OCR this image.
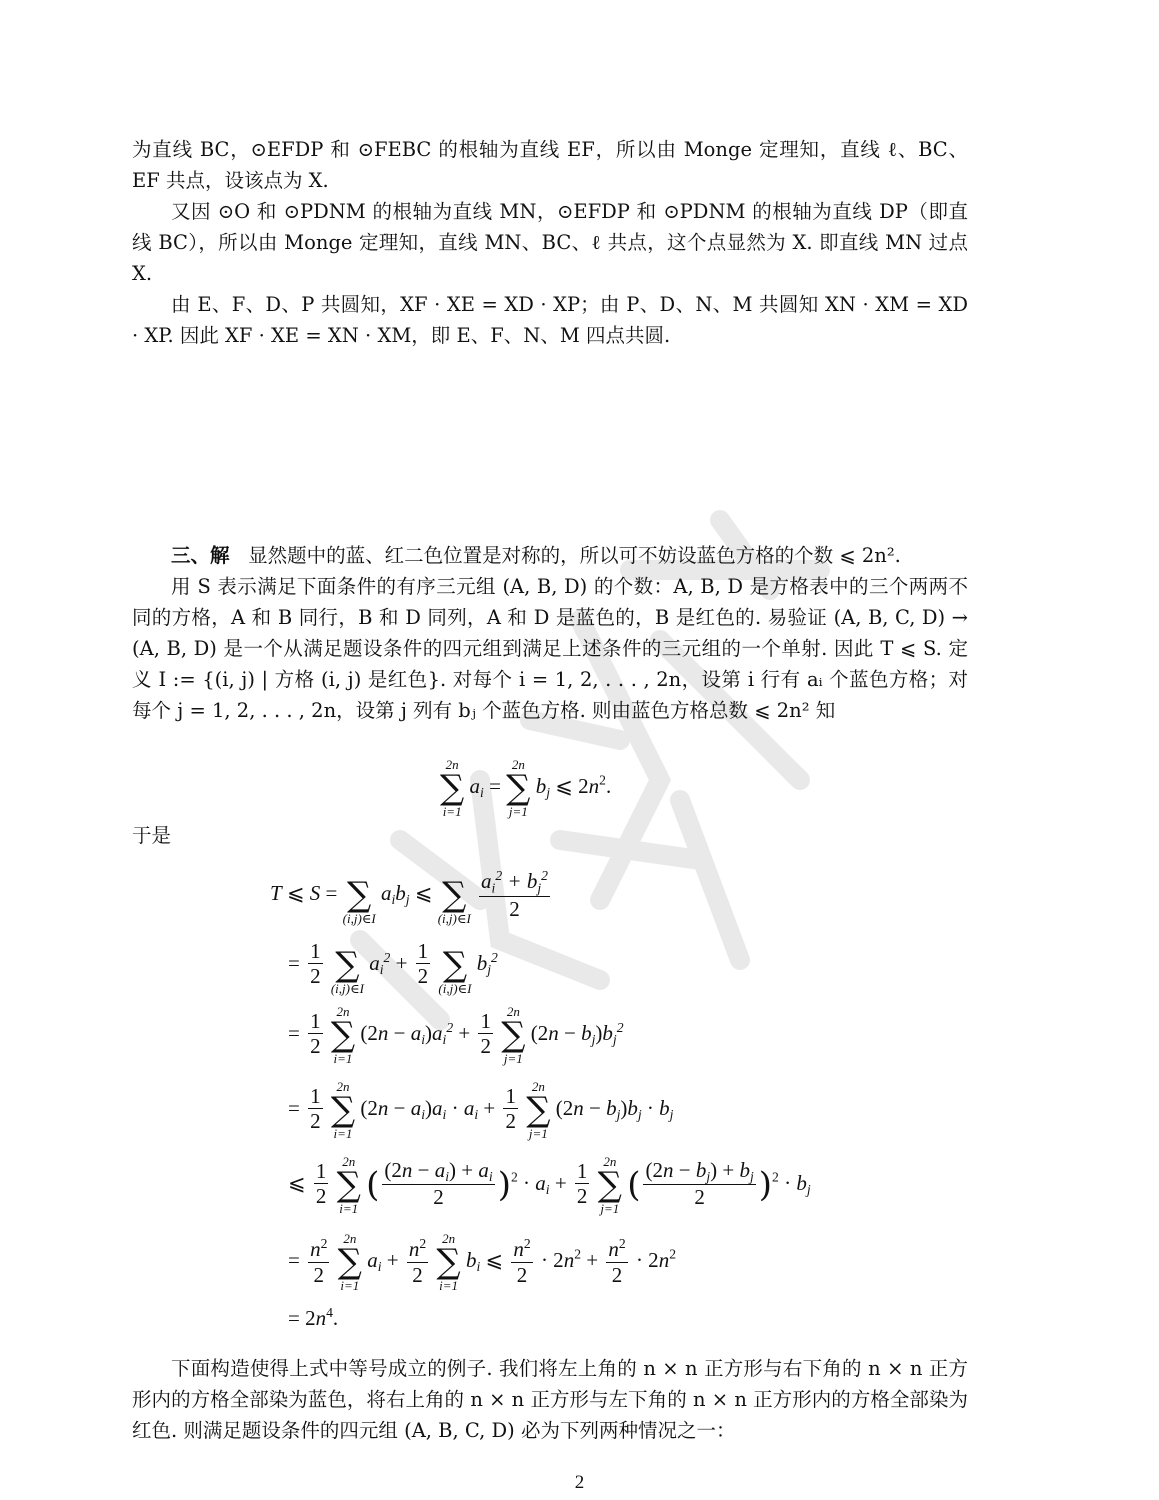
为直线 BC，⊙EFDP 和 ⊙FEBC 的根轴为直线 EF，所以由 Monge 定理知，直线 ℓ、BC、EF 共点，设该点为 X.

又因 ⊙O 和 ⊙PDNM 的根轴为直线 MN，⊙EFDP 和 ⊙PDNM 的根轴为直线 DP（即直线 BC），所以由 Monge 定理知，直线 MN、BC、ℓ 共点，这个点显然为 X. 即直线 MN 过点 X.

由 E、F、D、P 共圆知，XF · XE = XD · XP；由 P、D、N、M 共圆知 XN · XM = XD · XP. 因此 XF · XE = XN · XM，即 E、F、N、M 四点共圆.

三、解 显然题中的蓝、红二色位置是对称的，所以可不妨设蓝色方格的个数 ⩽ 2n².

用 S 表示满足下面条件的有序三元组 (A, B, D) 的个数：A, B, D 是方格表中的三个两两不同的方格，A 和 B 同行，B 和 D 同列，A 和 D 是蓝色的，B 是红色的. 易验证 (A, B, C, D) → (A, B, D) 是一个从满足题设条件的四元组到满足上述条件的三元组的一个单射. 因此 T ⩽ S. 定义 I := {(i, j) | 方格 (i, j) 是红色}. 对每个 i = 1, 2, . . . , 2n，设第 i 行有 aᵢ 个蓝色方格；对每个 j = 1, 2, . . . , 2n，设第 j 列有 bⱼ 个蓝色方格. 则由蓝色方格总数 ⩽ 2n² 知

2n
∑
i=1
$a_i$ =
2n
∑
j=1
$b_j$ ⩽ $2n^2$.

于是

T ⩽ S =

∑
(i,j)∈I
$a_ib_j$ ⩽

∑
(i,j)∈I
$\frac{a_i^2 + b_j^2}{2}$
= $\frac{1}{2}$

∑
(i,j)∈I
$a_i^2 + \frac{1}{2}$

∑
(i,j)∈I
$b_j^2$
= $\frac{1}{2}$
	2n
∑
i=1
$(2n - a_i)a_i^2 + \frac{1}{2}$
	2n
∑
j=1
$(2n - b_j)b_j^2$
= $\frac{1}{2}$
	2n
∑
i=1
$(2n - a_i)a_i \cdot a_i + \frac{1}{2}$
	2n
∑
j=1
$(2n - b_j)b_j \cdot b_j$
⩽ $\frac{1}{2}$
	2n
∑
i=1
( $\frac{(2n - a_i) + a_i}{2} )^2 \cdot a_i + \frac{1}{2}$
	2n
∑
j=1
( $\frac{(2n - b_j) + b_j}{2} )^2 \cdot b_j$
= $\frac{n^2}{2}$
	2n
∑
i=1
$a_i + \frac{n^2}{2}$
	2n
∑
i=1
$b_i$ ⩽ $\frac{n^2}{2} \cdot 2n^2 + \frac{n^2}{2} \cdot 2n^2$
= $2n^4$.

下面构造使得上式中等号成立的例子. 我们将左上角的 n × n 正方形与右下角的 n × n 正方形内的方格全部染为蓝色，将右上角的 n × n 正方形与左下角的 n × n 正方形内的方格全部染为红色. 则满足题设条件的四元组 (A, B, C, D) 必为下列两种情况之一：

2
